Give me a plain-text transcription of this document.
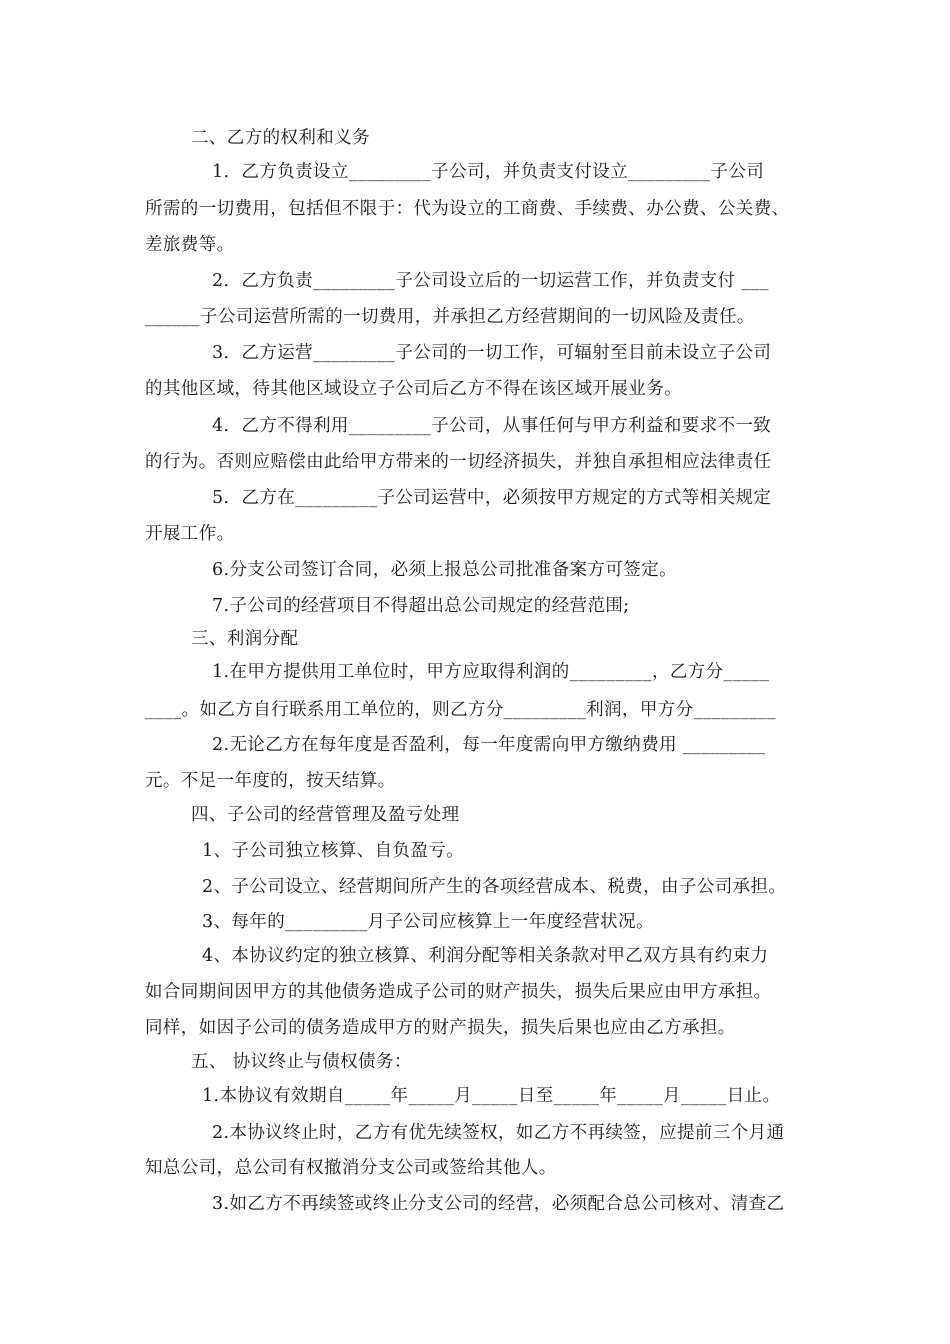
二、乙方的权利和义务
1．乙方负责设立_________子公司，并负责支付设立_________子公司
所需的一切费用，包括但不限于：代为设立的工商费、手续费、办公费、公关费、
差旅费等。
2．乙方负责_________子公司设立后的一切运营工作，并负责支付 ___
______子公司运营所需的一切费用，并承担乙方经营期间的一切风险及责任。
3．乙方运营_________子公司的一切工作，可辐射至目前未设立子公司
的其他区域，待其他区域设立子公司后乙方不得在该区域开展业务。
4．乙方不得利用_________子公司，从事任何与甲方利益和要求不一致
的行为。否则应赔偿由此给甲方带来的一切经济损失，并独自承担相应法律责任
5．乙方在_________子公司运营中，必须按甲方规定的方式等相关规定
开展工作。
6.分支公司签订合同，必须上报总公司批准备案方可签定。
7.子公司的经营项目不得超出总公司规定的经营范围;
三、利润分配
1.在甲方提供用工单位时，甲方应取得利润的_________，乙方分_____
____。如乙方自行联系用工单位的，则乙方分_________利润，甲方分_________
2.无论乙方在每年度是否盈利，每一年度需向甲方缴纳费用 _________
元。不足一年度的，按天结算。
四、子公司的经营管理及盈亏处理
1、子公司独立核算、自负盈亏。
2、子公司设立、经营期间所产生的各项经营成本、税费，由子公司承担。
3、每年的_________月子公司应核算上一年度经营状况。
4、本协议约定的独立核算、利润分配等相关条款对甲乙双方具有约束力
如合同期间因甲方的其他债务造成子公司的财产损失，损失后果应由甲方承担。
同样，如因子公司的债务造成甲方的财产损失，损失后果也应由乙方承担。
五、 协议终止与债权债务：
1.本协议有效期自_____年_____月_____日至_____年_____月_____日止。
2.本协议终止时，乙方有优先续签权，如乙方不再续签，应提前三个月通
知总公司，总公司有权撤消分支公司或签给其他人。
3.如乙方不再续签或终止分支公司的经营，必须配合总公司核对、清查乙
